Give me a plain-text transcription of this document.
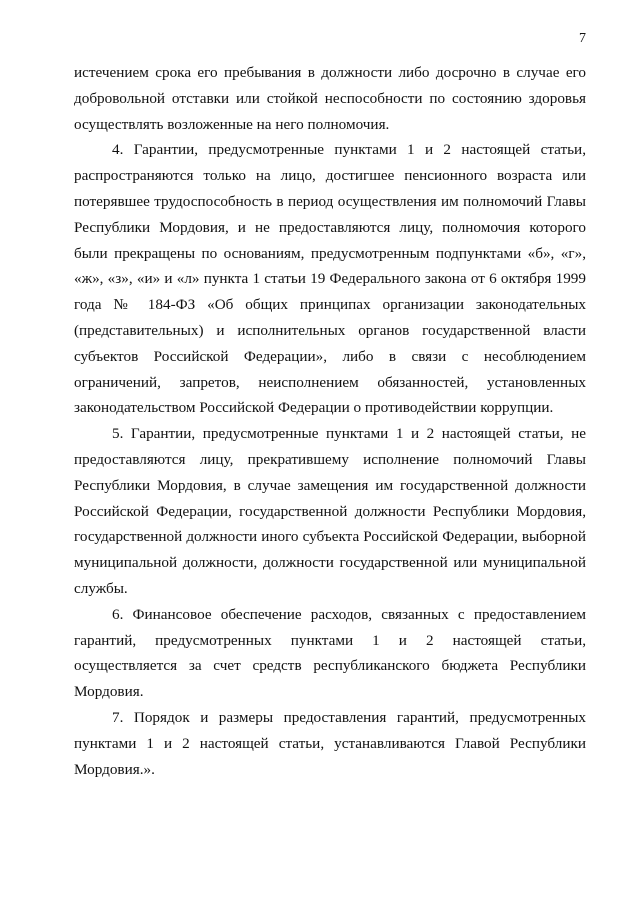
7

истечением срока его пребывания в должности либо досрочно в случае его добровольной отставки или стойкой неспособности по состоянию здоровья осуществлять возложенные на него полномочия.

4. Гарантии, предусмотренные пунктами 1 и 2 настоящей статьи, распространяются только на лицо, достигшее пенсионного возраста или потерявшее трудоспособность в период осуществления им полномочий Главы Республики Мордовия, и не предоставляются лицу, полномочия которого были прекращены по основаниям, предусмотренным подпунктами «б», «г», «ж», «з», «и» и «л» пункта 1 статьи 19 Федерального закона от 6 октября 1999 года № 184-ФЗ «Об общих принципах организации законодательных (представительных) и исполнительных органов государственной власти субъектов Российской Федерации», либо в связи с несоблюдением ограничений, запретов, неисполнением обязанностей, установленных законодательством Российской Федерации о противодействии коррупции.

5. Гарантии, предусмотренные пунктами 1 и 2 настоящей статьи, не предоставляются лицу, прекратившему исполнение полномочий Главы Республики Мордовия, в случае замещения им государственной должности Российской Федерации, государственной должности Республики Мордовия, государственной должности иного субъекта Российской Федерации, выборной муниципальной должности, должности государственной или муниципальной службы.

6. Финансовое обеспечение расходов, связанных с предоставлением гарантий, предусмотренных пунктами 1 и 2 настоящей статьи, осуществляется за счет средств республиканского бюджета Республики Мордовия.

7. Порядок и размеры предоставления гарантий, предусмотренных пунктами 1 и 2 настоящей статьи, устанавливаются Главой Республики Мордовия.».
